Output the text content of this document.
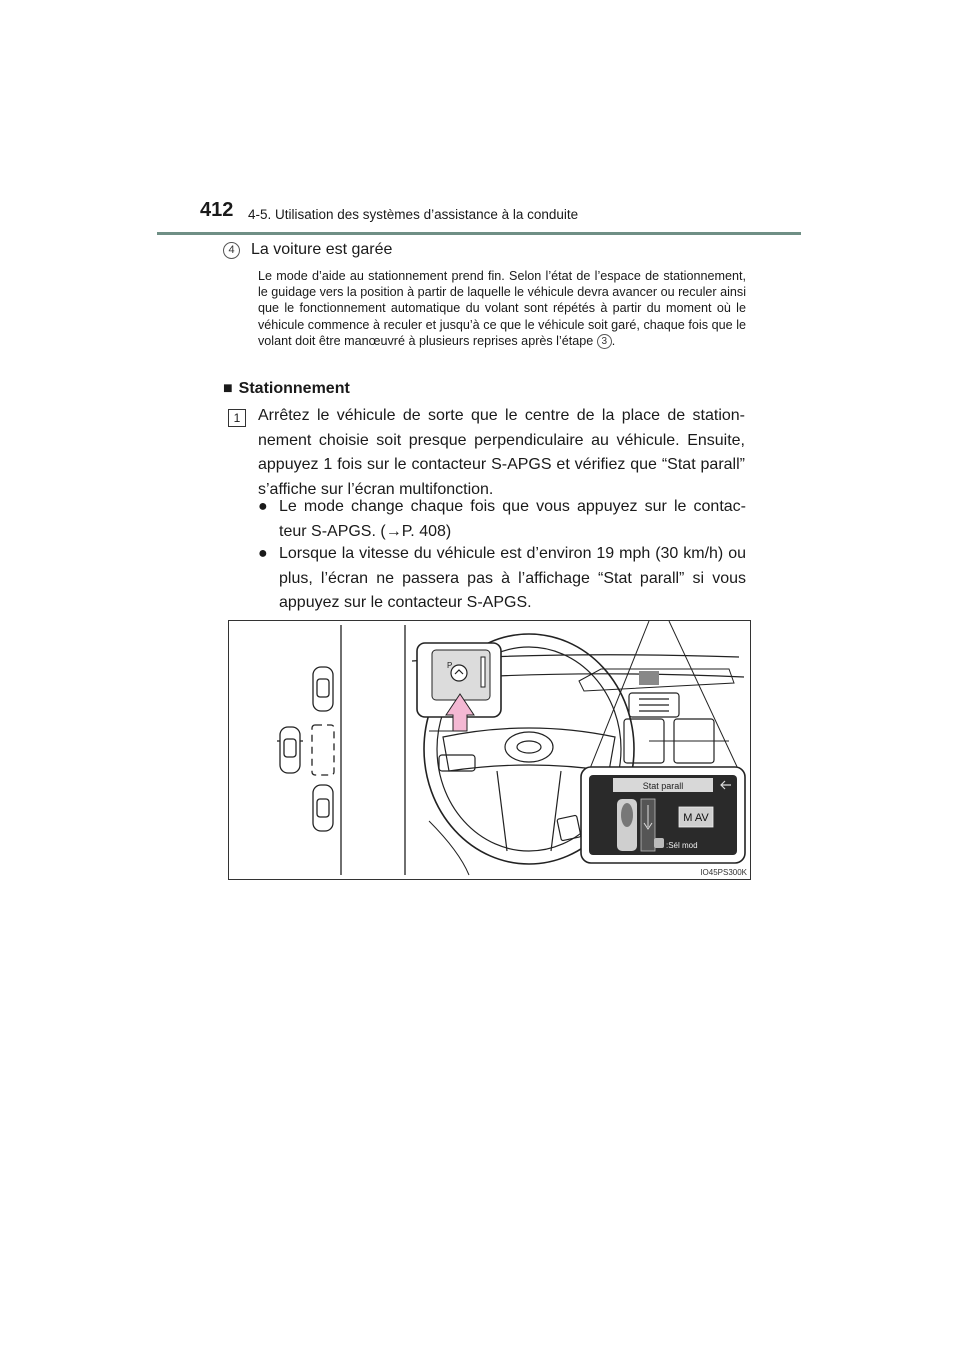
412 4-5. Utilisation des systèmes d’assistance à la conduite
4 La voiture est garée
Le mode d’aide au stationnement prend fin. Selon l’état de l’espace de stationnement, le guidage vers la position à partir de laquelle le véhicule devra avancer ou reculer ainsi que le fonctionnement automatique du volant sont répétés à partir du moment où le véhicule commence à reculer et jusqu’à ce que le véhicule soit garé, chaque fois que le volant doit être manœuvré à plusieurs reprises après l’étape 3 .
■ Stationnement
1	Arrêtez le véhicule de sorte que le centre de la place de station-nement choisie soit presque perpendiculaire au véhicule. Ensuite, appuyez 1 fois sur le contacteur S-APGS et vérifiez que “Stat parall” s’affiche sur l’écran multifonction.
● Le mode change chaque fois que vous appuyez sur le contac-teur S-APGS. (→P. 408)
● Lorsque la vitesse du véhicule est d’environ 19 mph (30 km/h) ou plus, l’écran ne passera pas à l’affichage “Stat parall” si vous appuyez sur le contacteur S-APGS.
P
Stat parall
M AV
:Sél mod
IO45PS300K
